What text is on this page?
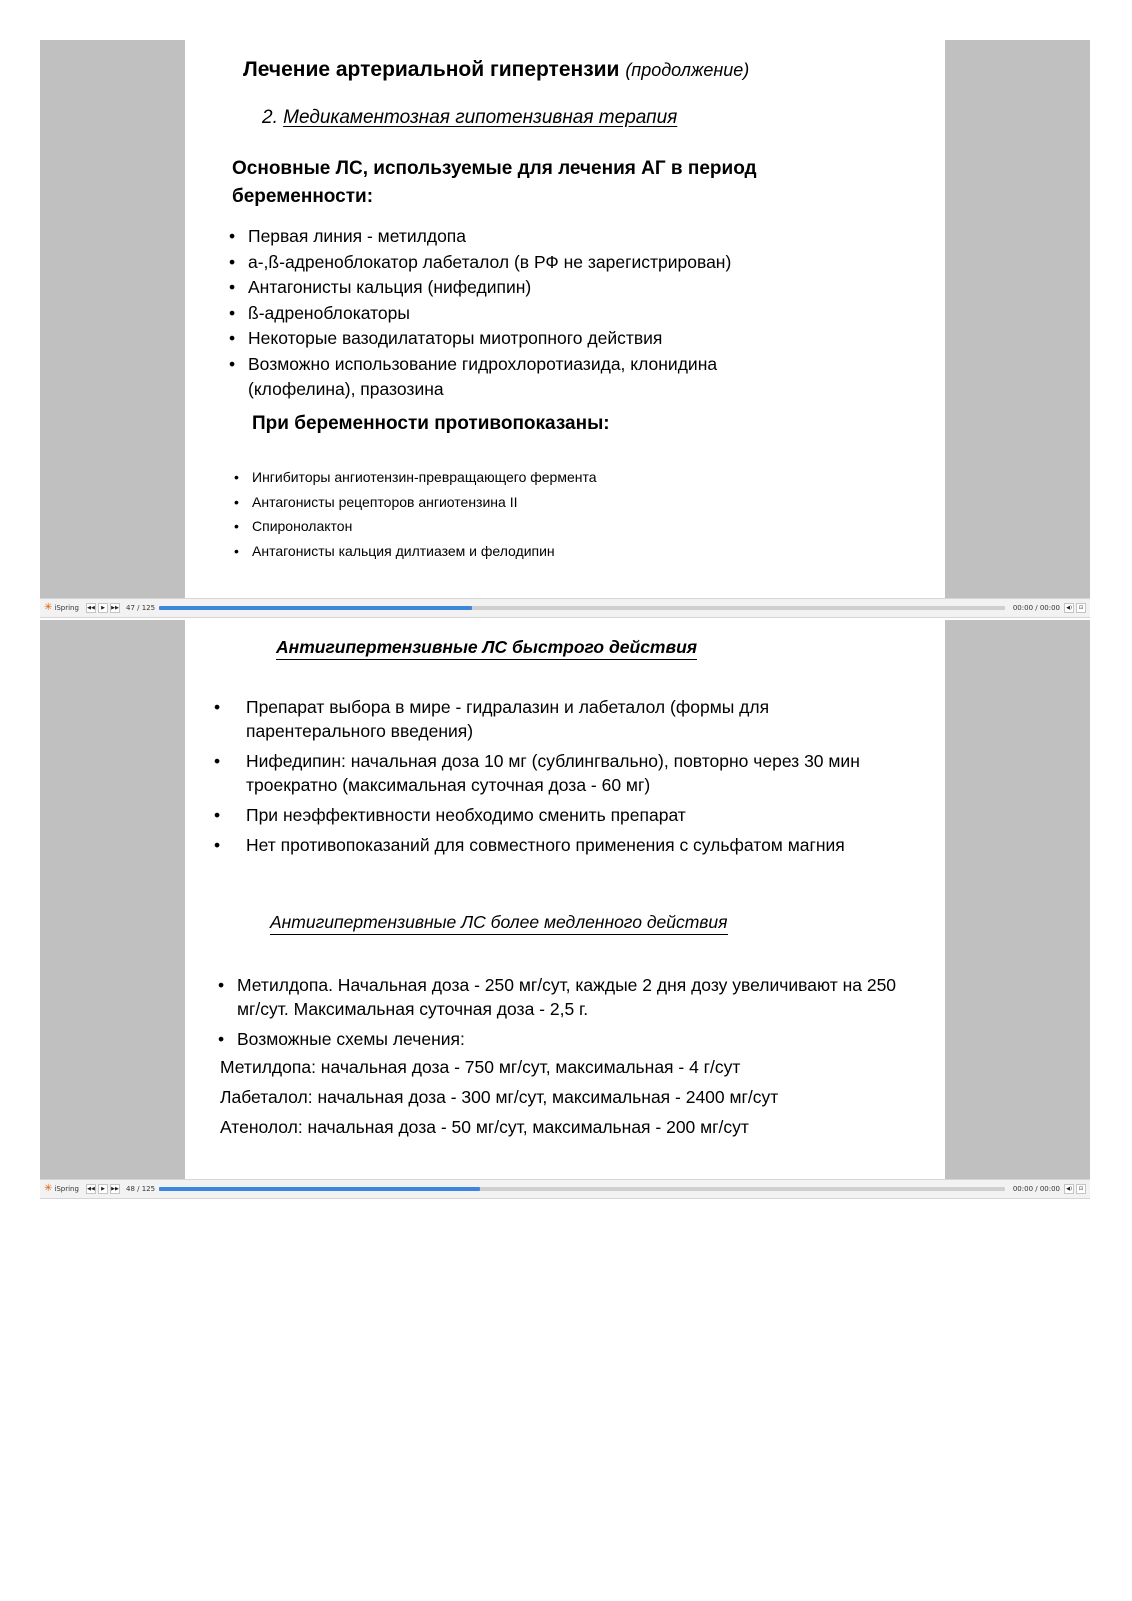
Лечение артериальной гипертензии (продолжение)
2. Медикаментозная гипотензивная терапия
Основные ЛС, используемые для лечения АГ в период беременности:
• Первая линия - метилдопа
• a-,ß-адреноблокатор лабеталол (в РФ не зарегистрирован)
• Антагонисты кальция (нифедипин)
• ß-адреноблокаторы
• Некоторые вазодилататоры миотропного действия
• Возможно использование гидрохлоротиазида, клонидина (клофелина), празозина
При беременности противопоказаны:
• Ингибиторы ангиотензин-превращающего фермента
• Антагонисты рецепторов ангиотензина II
• Спиронолактон
• Антагонисты кальция дилтиазем и фелодипин
✳ iSpring ◀◀ ▶ ▶▶ 47 / 125	00:00 / 00:00 ◀) ⊡
Антигипертензивные ЛС быстрого действия
• Препарат выбора в мире - гидралазин и лабеталол (формы для парентерального введения)
• Нифедипин: начальная доза 10 мг (сублингвально), повторно через 30 мин троекратно (максимальная суточная доза - 60 мг)
• При неэффективности необходимо сменить препарат
• Нет противопоказаний для совместного применения с сульфатом магния
Антигипертензивные ЛС более медленного действия
• Метилдопа. Начальная доза - 250 мг/сут, каждые 2 дня дозу увеличивают на 250 мг/сут. Максимальная суточная доза - 2,5 г.
• Возможные схемы лечения:
Метилдопа: начальная доза - 750 мг/сут, максимальная - 4 г/сут
Лабеталол: начальная доза - 300 мг/сут, максимальная - 2400 мг/сут
Атенолол: начальная доза - 50 мг/сут, максимальная - 200 мг/сут
✳ iSpring ◀◀ ▶ ▶▶ 48 / 125	00:00 / 00:00 ◀) ⊡
